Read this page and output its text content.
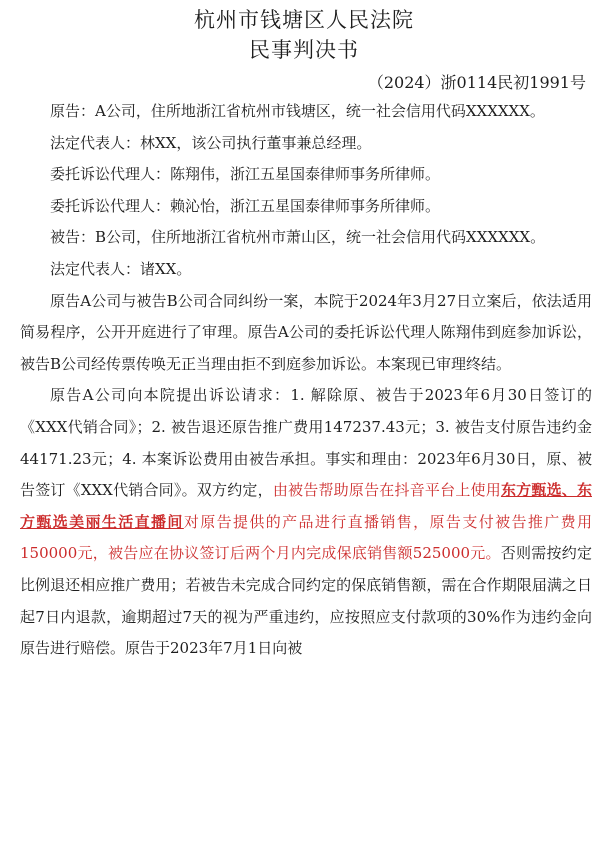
杭州市钱塘区人民法院
民事判决书
（2024）浙0114民初1991号

原告：A公司，住所地浙江省杭州市钱塘区，统一社会信用代码XXXXXX。

法定代表人：林XX，该公司执行董事兼总经理。

委托诉讼代理人：陈翔伟，浙江五星国泰律师事务所律师。

委托诉讼代理人：赖沁怡，浙江五星国泰律师事务所律师。

被告：B公司，住所地浙江省杭州市萧山区，统一社会信用代码XXXXXX。

法定代表人：诸XX。

原告A公司与被告B公司合同纠纷一案，本院于2024年3月27日立案后，依法适用简易程序，公开开庭进行了审理。原告A公司的委托诉讼代理人陈翔伟到庭参加诉讼，被告B公司经传票传唤无正当理由拒不到庭参加诉讼。本案现已审理终结。

原告A公司向本院提出诉讼请求：1. 解除原、被告于2023年6月30日签订的《XXX代销合同》；2. 被告退还原告推广费用147237.43元；3. 被告支付原告违约金44171.23元；4. 本案诉讼费用由被告承担。事实和理由：2023年6月30日，原、被告签订《XXX代销合同》。双方约定，由被告帮助原告在抖音平台上使用东方甄选、东方甄选美丽生活直播间对原告提供的产品进行直播销售，原告支付被告推广费用150000元，被告应在协议签订后两个月内完成保底销售额525000元。否则需按约定比例退还相应推广费用；若被告未完成合同约定的保底销售额，需在合作期限届满之日起7日内退款，逾期超过7天的视为严重违约，应按照应支付款项的30%作为违约金向原告进行赔偿。原告于2023年7月1日向被
